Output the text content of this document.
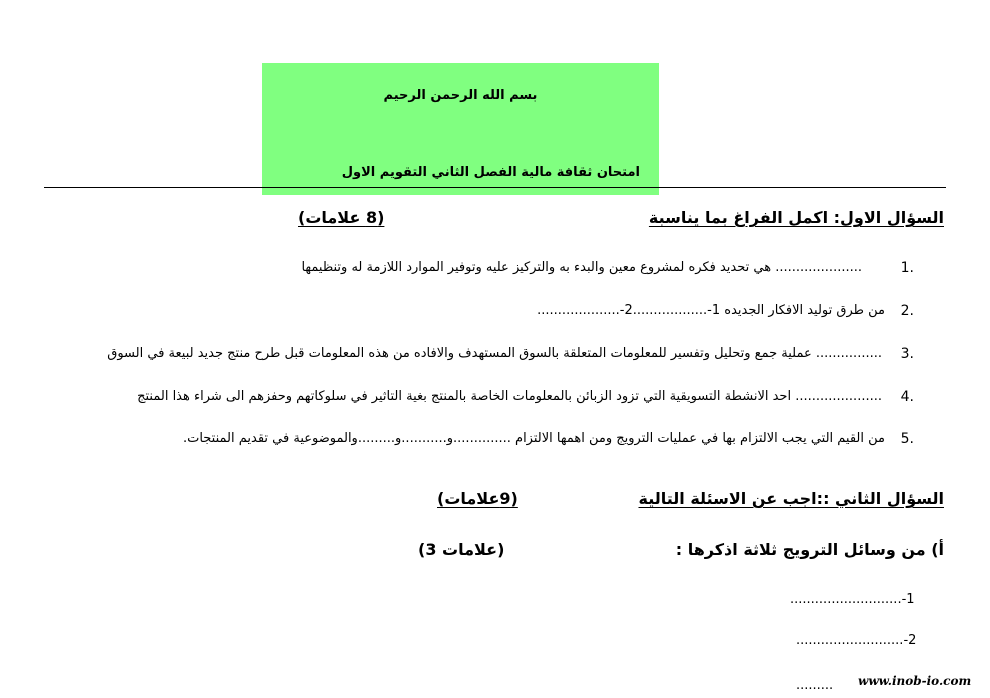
بسم الله الرحمن الرحيم
امتحان ثقافة مالية الفصل الثاني التقويم الاول
السؤال الاول: اكمل الفراغ بما يناسبة
(8 علامات)
1.
..................... هي تحديد فكره لمشروع معين والبدء به والتركيز عليه وتوفير الموارد اللازمة له وتنظيمها
2.
من طرق توليد الافكار الجديده 1-..................2-....................
3.
................ عملية جمع وتحليل وتفسير للمعلومات المتعلقة بالسوق المستهدف والافاده من هذه المعلومات قبل طرح منتج جديد لبيعة في السوق
4.
..................... احد الانشطة التسويقية التي تزود الزبائن بالمعلومات الخاصة بالمنتج بغية التاثير في سلوكاتهم وحفزهم الى شراء هذا المنتج
5.
من القيم التي يجب الالتزام بها في عمليات الترويج ومن اهمها الالتزام ..............و...........و.........والموضوعية في تقديم المنتجات.
السؤال الثاني ::اجب عن الاسئلة التالية
(9علامات)
أ) من وسائل الترويج ثلاثة اذكرها :
(3 علامات)
1-...........................
2-..........................
......... www.inob-io.com
